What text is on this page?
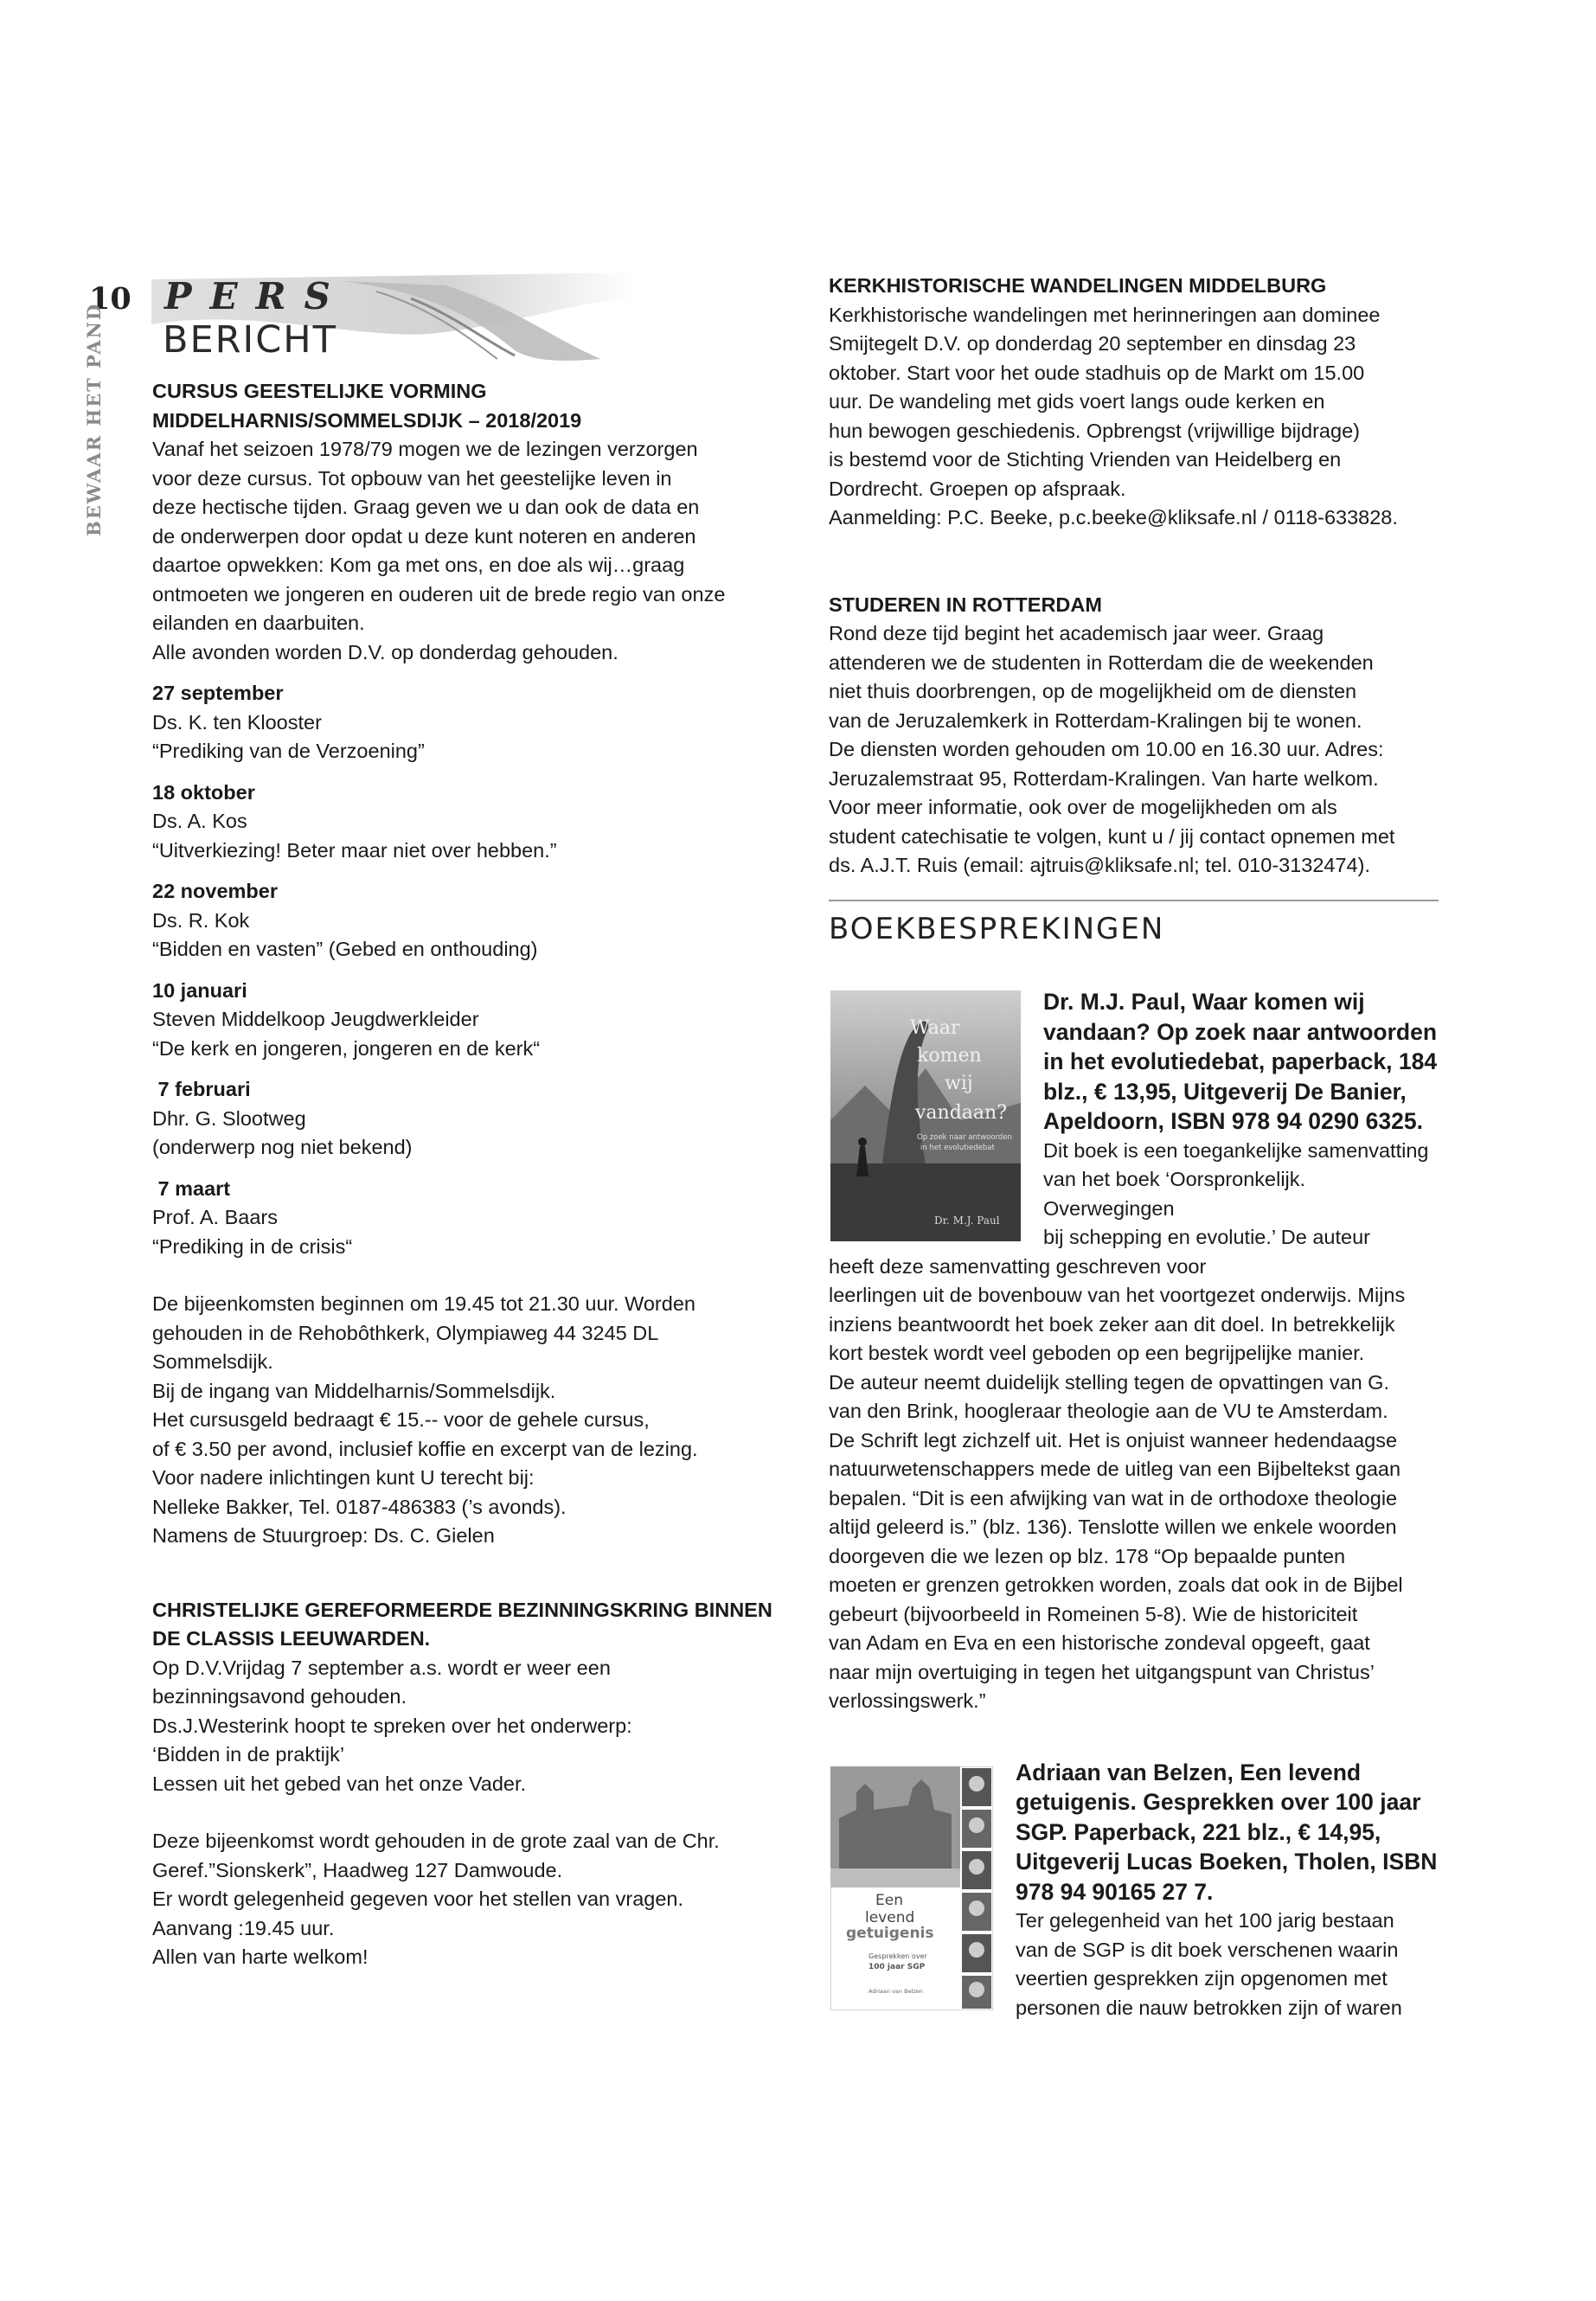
10
BEWAAR HET PAND
PERS
BERICHT

CURSUS GEESTELIJKE VORMING

MIDDELHARNIS/SOMMELSDIJK – 2018/2019

Vanaf het seizoen 1978/79 mogen we de lezingen verzorgen

voor deze cursus. Tot opbouw van het geestelijke leven in

deze hectische tijden. Graag geven we u dan ook de data en

de onderwerpen door opdat u deze kunt noteren en anderen

daartoe opwekken: Kom ga met ons, en doe als wij…graag

ontmoeten we jongeren en ouderen uit de brede regio van onze

eilanden en daarbuiten.

Alle avonden worden D.V. op donderdag gehouden.

27 september

Ds. K. ten Klooster

“Prediking van de Verzoening”

18 oktober

Ds. A. Kos

“Uitverkiezing! Beter maar niet over hebben.”

22 november

Ds. R. Kok

“Bidden en vasten” (Gebed en onthouding)

10 januari

Steven Middelkoop Jeugdwerkleider

“De kerk en jongeren, jongeren en de kerk“

7 februari

Dhr. G. Slootweg

(onderwerp nog niet bekend)

7 maart

Prof. A. Baars

“Prediking in de crisis“

De bijeenkomsten beginnen om 19.45 tot 21.30 uur. Worden

gehouden in de Rehobôthkerk, Olympiaweg 44 3245 DL

Sommelsdijk.

Bij de ingang van Middelharnis/Sommelsdijk.

Het cursusgeld bedraagt € 15.-- voor de gehele cursus,

of € 3.50 per avond, inclusief koffie en excerpt van de lezing.

Voor nadere inlichtingen kunt U terecht bij:

Nelleke Bakker, Tel. 0187-486383 (’s avonds).

Namens de Stuurgroep: Ds. C. Gielen

CHRISTELIJKE GEREFORMEERDE BEZINNINGSKRING BINNEN

DE CLASSIS LEEUWARDEN.

Op D.V.Vrijdag 7 september a.s. wordt er weer een

bezinningsavond gehouden.

Ds.J.Westerink hoopt te spreken over het onderwerp:

‘Bidden in de praktijk’

Lessen uit het gebed van het onze Vader.

Deze bijeenkomst wordt gehouden in de grote zaal van de Chr.

Geref.”Sionskerk”, Haadweg 127 Damwoude.

Er wordt gelegenheid gegeven voor het stellen van vragen.

Aanvang :19.45 uur.

Allen van harte welkom!

KERKHISTORISCHE WANDELINGEN MIDDELBURG

Kerkhistorische wandelingen met herinneringen aan dominee

Smijtegelt D.V. op donderdag 20 september en dinsdag 23

oktober. Start voor het oude stadhuis op de Markt om 15.00

uur. De wandeling met gids voert langs oude kerken en

hun bewogen geschiedenis. Opbrengst (vrijwillige bijdrage)

is bestemd voor de Stichting Vrienden van Heidelberg en

Dordrecht. Groepen op afspraak.

Aanmelding: P.C. Beeke, p.c.beeke@kliksafe.nl / 0118-633828.

STUDEREN IN ROTTERDAM

Rond deze tijd begint het academisch jaar weer. Graag

attenderen we de studenten in Rotterdam die de weekenden

niet thuis doorbrengen, op de mogelijkheid om de diensten

van de Jeruzalemkerk in Rotterdam-Kralingen bij te wonen.

De diensten worden gehouden om 10.00 en 16.30 uur. Adres:

Jeruzalemstraat 95, Rotterdam-Kralingen. Van harte welkom.

Voor meer informatie, ook over de mogelijkheden om als

student catechisatie te volgen, kunt u / jij contact opnemen met

ds. A.J.T. Ruis (email: ajtruis@kliksafe.nl; tel. 010-3132474).

BOEKBESPREKINGEN

Waar
komen
wij
vandaan?
Op zoek naar antwoorden
in het evolutiedebat
Dr. M.J. Paul

Dr. M.J. Paul, Waar komen wij

vandaan? Op zoek naar antwoorden

in het evolutiedebat, paperback, 184

blz., € 13,95, Uitgeverij De Banier,

Apeldoorn, ISBN 978 94 0290 6325.

Dit boek is een toegankelijke samenvatting

van het boek ‘Oorspronkelijk. Overwegingen

bij schepping en evolutie.’ De auteur

heeft deze samenvatting geschreven voor

leerlingen uit de bovenbouw van het voortgezet onderwijs. Mijns

inziens beantwoordt het boek zeker aan dit doel. In betrekkelijk

kort bestek wordt veel geboden op een begrijpelijke manier.

De auteur neemt duidelijk stelling tegen de opvattingen van G.

van den Brink, hoogleraar theologie aan de VU te Amsterdam.

De Schrift legt zichzelf uit. Het is onjuist wanneer hedendaagse

natuurwetenschappers mede de uitleg van een Bijbeltekst gaan

bepalen. “Dit is een afwijking van wat in de orthodoxe theologie

altijd geleerd is.” (blz. 136). Tenslotte willen we enkele woorden

doorgeven die we lezen op blz. 178 “Op bepaalde punten

moeten er grenzen getrokken worden, zoals dat ook in de Bijbel

gebeurt (bijvoorbeeld in Romeinen 5-8). Wie de historiciteit

van Adam en Eva en een historische zondeval opgeeft, gaat

naar mijn overtuiging in tegen het uitgangspunt van Christus’

verlossingswerk.”

Een
levend
getuigenis
Gesprekken over
100 jaar SGP
Adriaan van Belzen

Adriaan van Belzen, Een levend

getuigenis. Gesprekken over 100 jaar

SGP. Paperback, 221 blz., € 14,95,

Uitgeverij Lucas Boeken, Tholen, ISBN

978 94 90165 27 7.

Ter gelegenheid van het 100 jarig bestaan

van de SGP is dit boek verschenen waarin

veertien gesprekken zijn opgenomen met

personen die nauw betrokken zijn of waren
